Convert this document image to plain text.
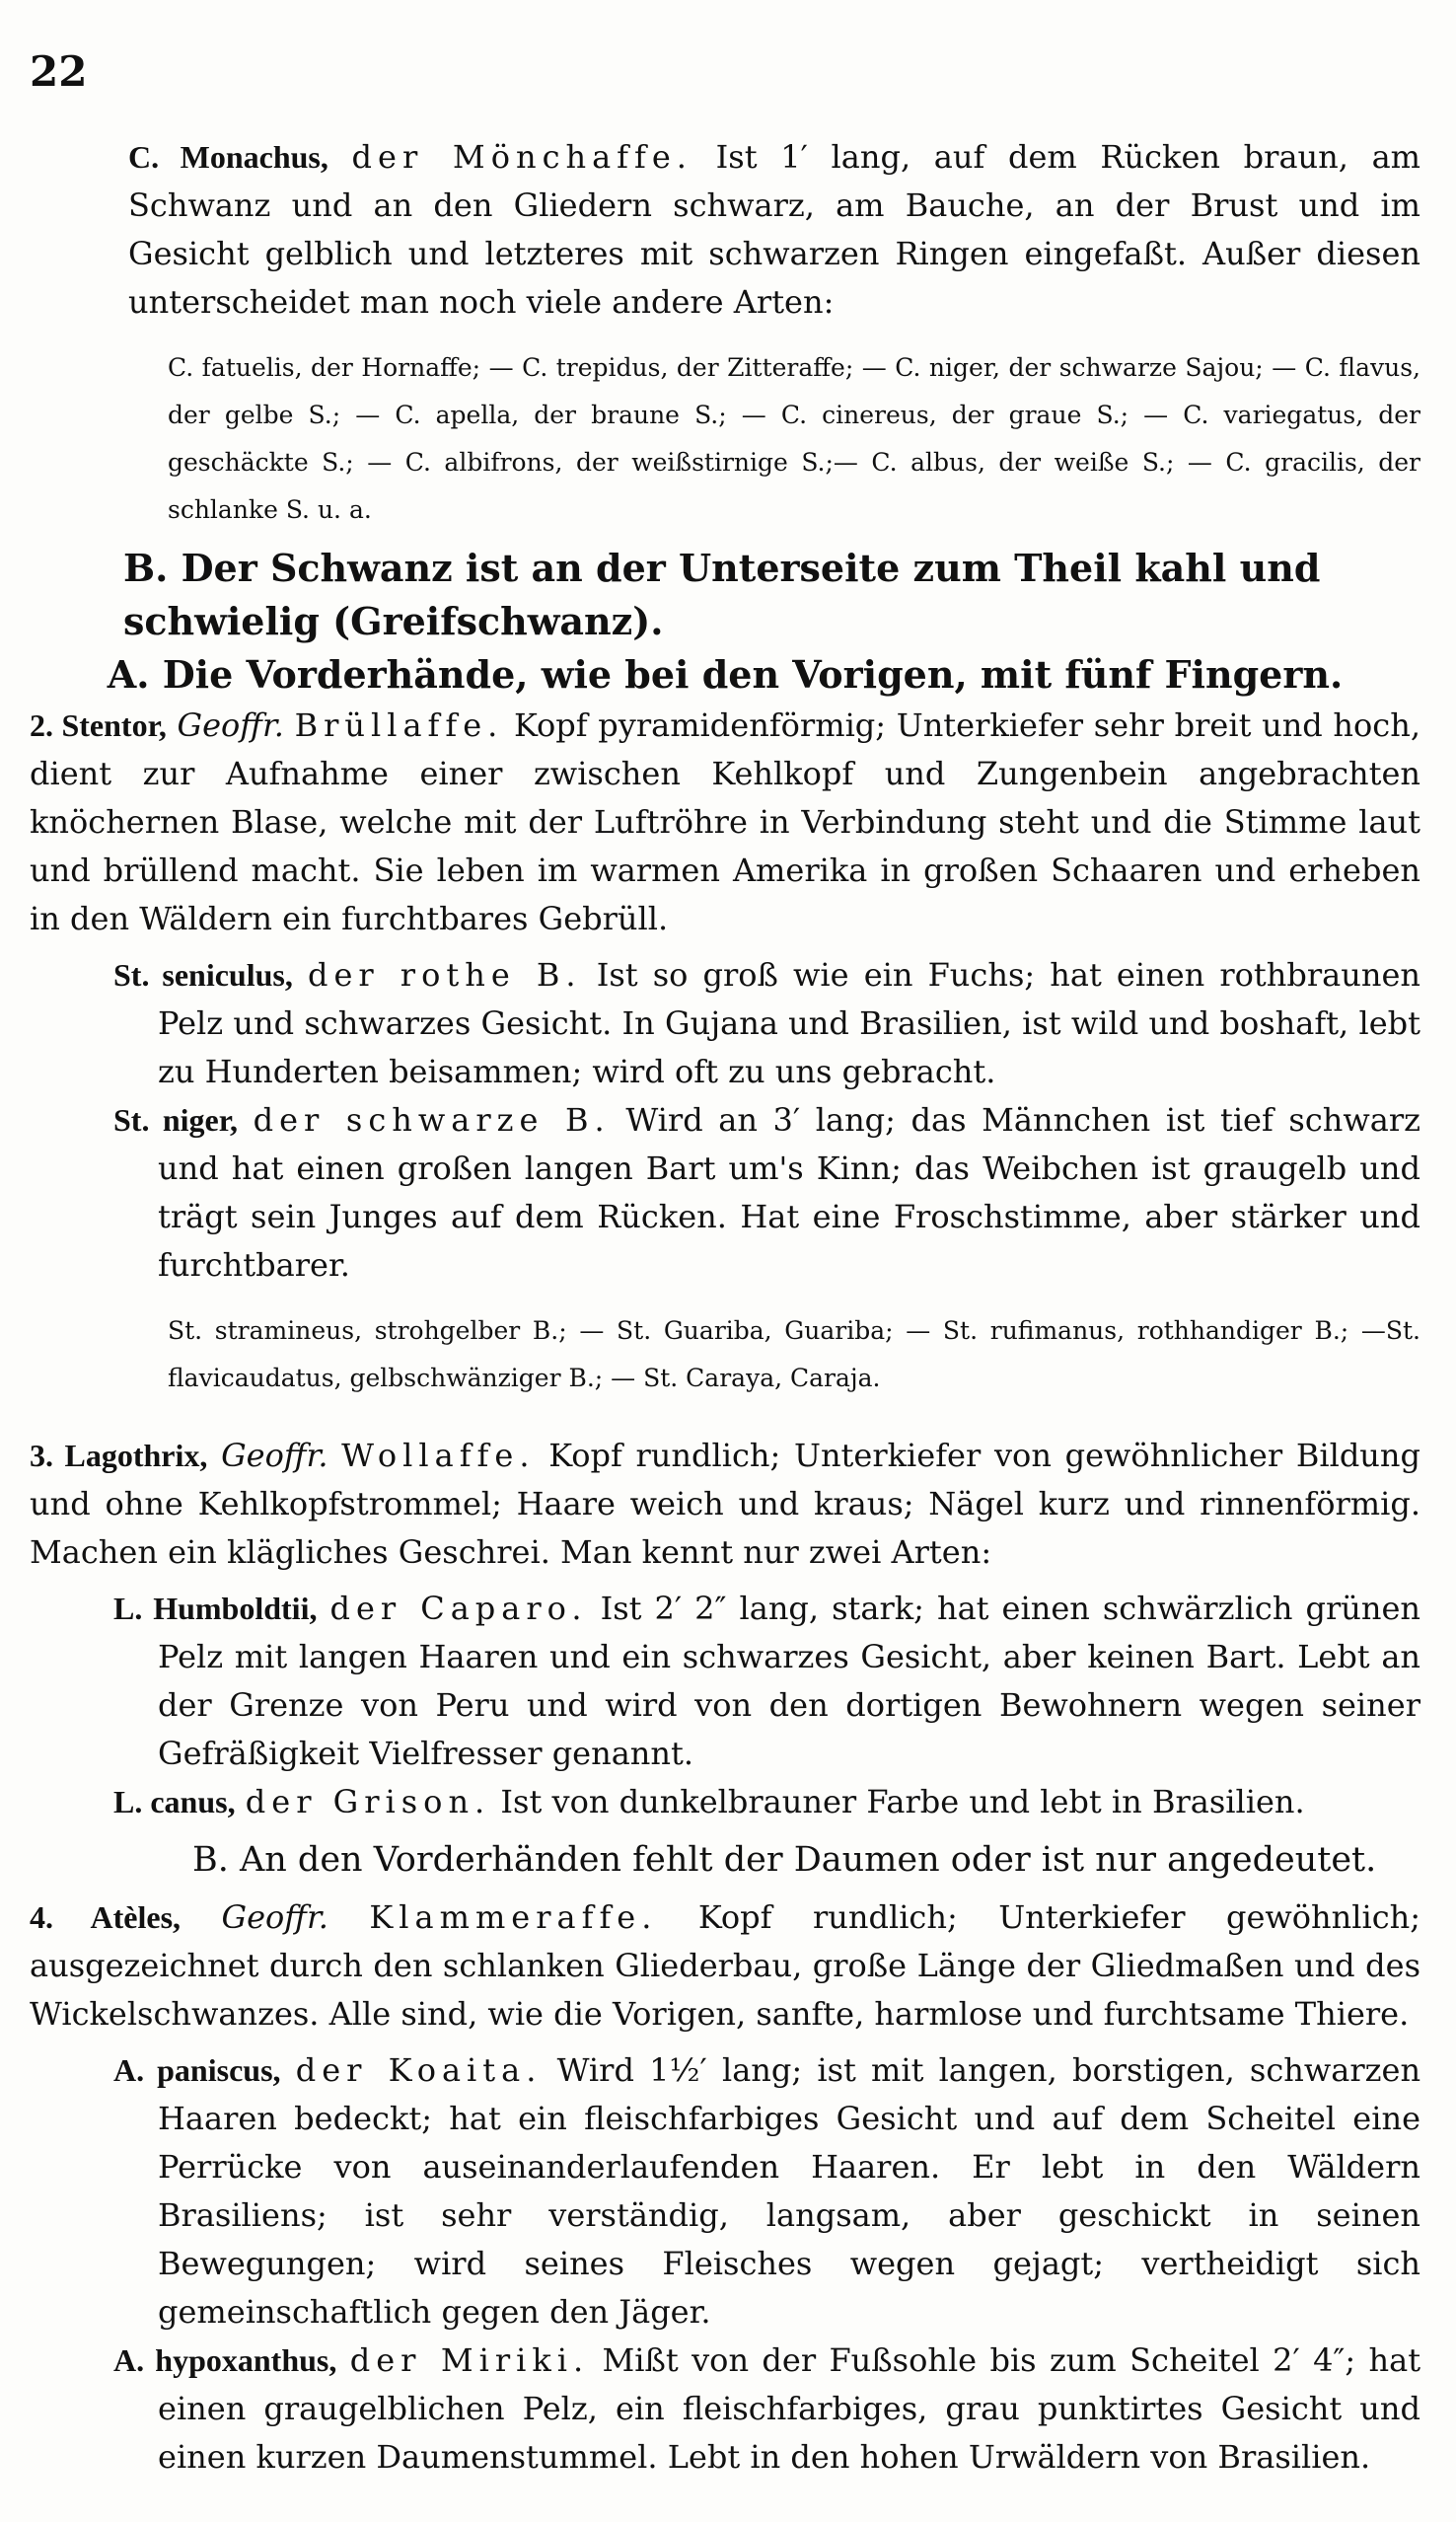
22

C. Monachus, der Mönchaffe. Ist 1′ lang, auf dem Rücken braun, am Schwanz und an den Gliedern schwarz, am Bauche, an der Brust und im Gesicht gelblich und letzteres mit schwarzen Ringen eingefaßt. Außer diesen unterscheidet man noch viele andere Arten:

C. fatuelis, der Hornaffe; — C. trepidus, der Zitteraffe; — C. niger, der schwarze Sajou; — C. flavus, der gelbe S.; — C. apella, der braune S.; — C. cinereus, der graue S.; — C. variegatus, der geschäckte S.; — C. albifrons, der weißstirnige S.;— C. albus, der weiße S.; — C. gracilis, der schlanke S. u. a.

B. Der Schwanz ist an der Unterseite zum Theil kahl und schwielig (Greifschwanz).

A. Die Vorderhände, wie bei den Vorigen, mit fünf Fingern.

2. Stentor, Geoffr. Brüllaffe. Kopf pyramidenförmig; Unterkiefer sehr breit und hoch, dient zur Aufnahme einer zwischen Kehlkopf und Zungenbein angebrachten knöchernen Blase, welche mit der Luftröhre in Verbindung steht und die Stimme laut und brüllend macht. Sie leben im warmen Amerika in großen Schaaren und erheben in den Wäldern ein furchtbares Gebrüll.

St. seniculus, der rothe B. Ist so groß wie ein Fuchs; hat einen rothbraunen Pelz und schwarzes Gesicht. In Gujana und Brasilien, ist wild und boshaft, lebt zu Hunderten beisammen; wird oft zu uns gebracht.

St. niger, der schwarze B. Wird an 3′ lang; das Männchen ist tief schwarz und hat einen großen langen Bart um's Kinn; das Weibchen ist graugelb und trägt sein Junges auf dem Rücken. Hat eine Froschstimme, aber stärker und furchtbarer.

St. stramineus, strohgelber B.; — St. Guariba, Guariba; — St. rufimanus, rothhandiger B.; —St. flavicaudatus, gelbschwänziger B.; — St. Caraya, Caraja.

3. Lagothrix, Geoffr. Wollaffe. Kopf rundlich; Unterkiefer von gewöhnlicher Bildung und ohne Kehlkopfstrommel; Haare weich und kraus; Nägel kurz und rinnenförmig. Machen ein klägliches Geschrei. Man kennt nur zwei Arten:

L. Humboldtii, der Caparo. Ist 2′ 2″ lang, stark; hat einen schwärzlich grünen Pelz mit langen Haaren und ein schwarzes Gesicht, aber keinen Bart. Lebt an der Grenze von Peru und wird von den dortigen Bewohnern wegen seiner Gefräßigkeit Vielfresser genannt.

L. canus, der Grison. Ist von dunkelbrauner Farbe und lebt in Brasilien.

B. An den Vorderhänden fehlt der Daumen oder ist nur angedeutet.

4. Atèles, Geoffr. Klammeraffe. Kopf rundlich; Unterkiefer gewöhnlich; ausgezeichnet durch den schlanken Gliederbau, große Länge der Gliedmaßen und des Wickelschwanzes. Alle sind, wie die Vorigen, sanfte, harmlose und furchtsame Thiere.

A. paniscus, der Koaita. Wird 1½′ lang; ist mit langen, borstigen, schwarzen Haaren bedeckt; hat ein fleischfarbiges Gesicht und auf dem Scheitel eine Perrücke von auseinanderlaufenden Haaren. Er lebt in den Wäldern Brasiliens; ist sehr verständig, langsam, aber geschickt in seinen Bewegungen; wird seines Fleisches wegen gejagt; vertheidigt sich gemeinschaftlich gegen den Jäger.

A. hypoxanthus, der Miriki. Mißt von der Fußsohle bis zum Scheitel 2′ 4″; hat einen graugelblichen Pelz, ein fleischfarbiges, grau punktirtes Gesicht und einen kurzen Daumenstummel. Lebt in den hohen Urwäldern von Brasilien.
